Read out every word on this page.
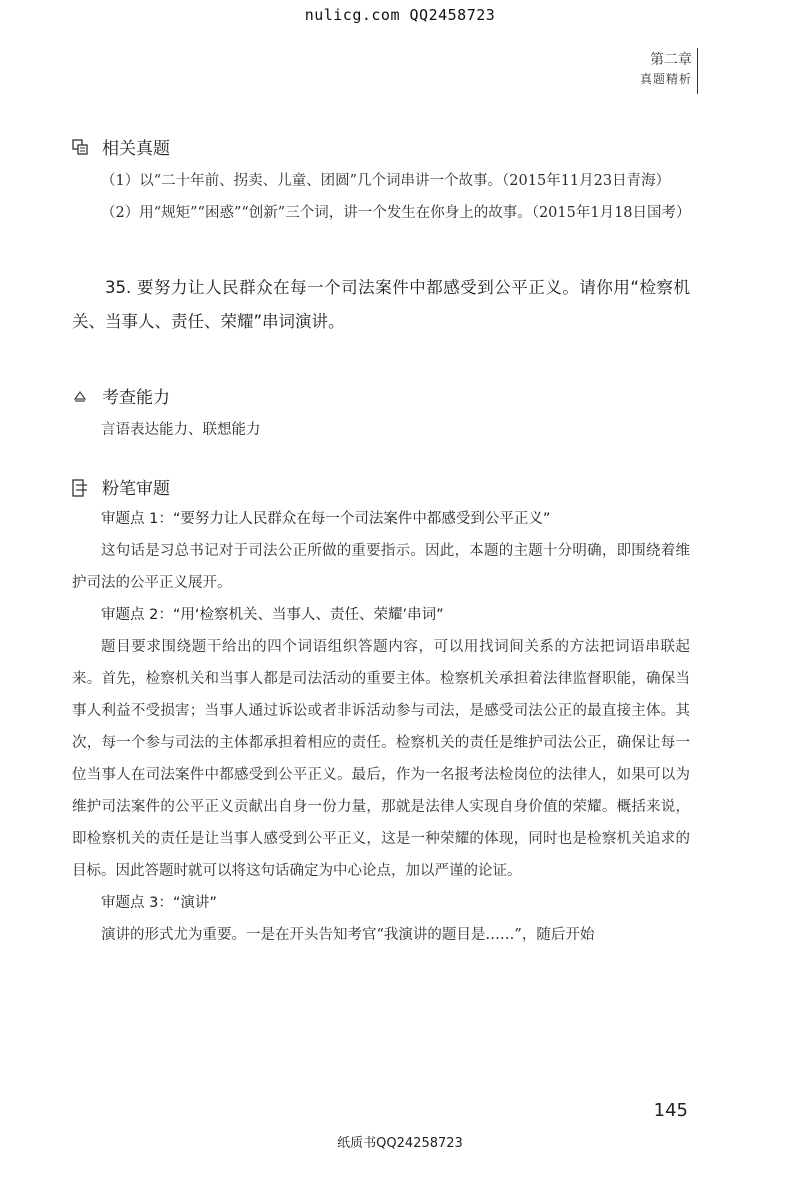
nulicg.com QQ2458723
第二章
真题精析
相关真题

（1）以“二十年前、拐卖、儿童、团圆”几个词串讲一个故事。（2015年11月23日青海）

（2）用“规矩”“困惑”“创新”三个词，讲一个发生在你身上的故事。（2015年1月18日国考）

35. 要努力让人民群众在每一个司法案件中都感受到公平正义。请你用“检察机关、当事人、责任、荣耀”串词演讲。
考查能力

言语表达能力、联想能力

粉笔审题
审题点 1：“要努力让人民群众在每一个司法案件中都感受到公平正义”

这句话是习总书记对于司法公正所做的重要指示。因此，本题的主题十分明确，即围绕着维护司法的公平正义展开。

审题点 2：“用‘检察机关、当事人、责任、荣耀’串词”

题目要求围绕题干给出的四个词语组织答题内容，可以用找词间关系的方法把词语串联起来。首先，检察机关和当事人都是司法活动的重要主体。检察机关承担着法律监督职能，确保当事人利益不受损害；当事人通过诉讼或者非诉活动参与司法，是感受司法公正的最直接主体。其次，每一个参与司法的主体都承担着相应的责任。检察机关的责任是维护司法公正，确保让每一位当事人在司法案件中都感受到公平正义。最后，作为一名报考法检岗位的法律人，如果可以为维护司法案件的公平正义贡献出自身一份力量，那就是法律人实现自身价值的荣耀。概括来说，即检察机关的责任是让当事人感受到公平正义，这是一种荣耀的体现，同时也是检察机关追求的目标。因此答题时就可以将这句话确定为中心论点，加以严谨的论证。

审题点 3：“演讲”

演讲的形式尤为重要。一是在开头告知考官“我演讲的题目是……”，随后开始

145
纸质书QQ24258723
